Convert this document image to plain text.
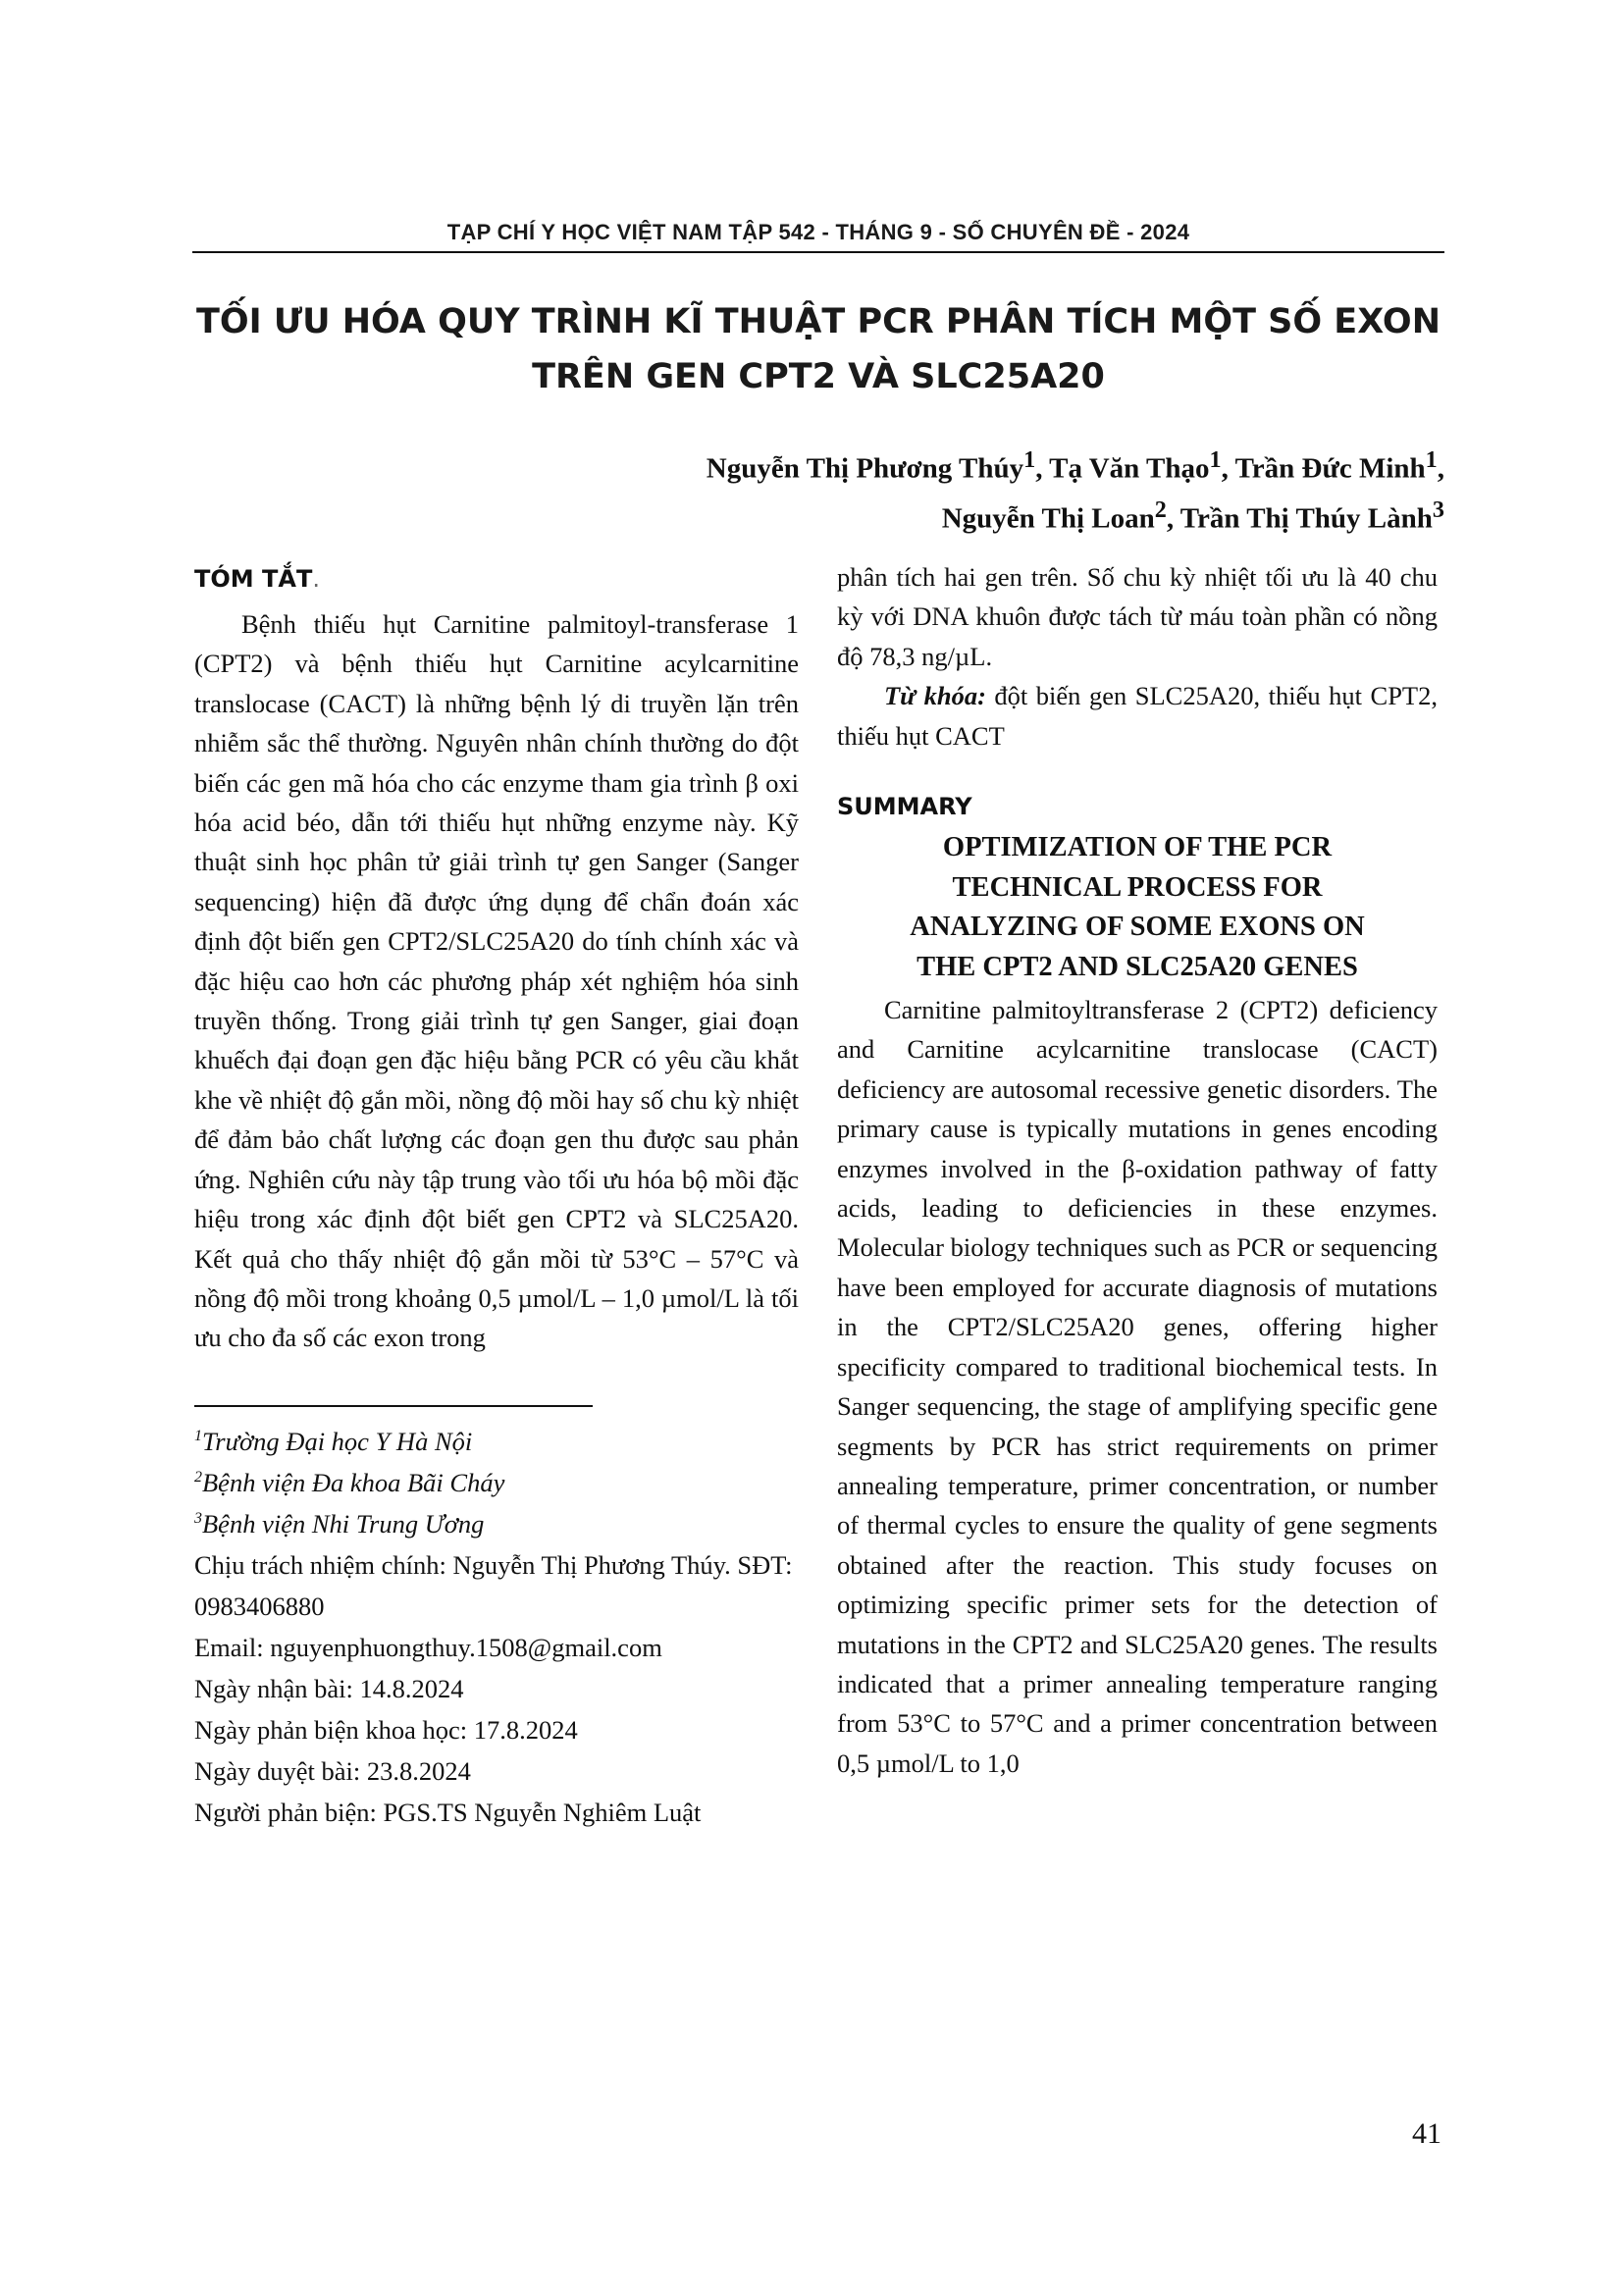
TẠP CHÍ Y HỌC VIỆT NAM TẬP 542 - THÁNG 9 - SỐ CHUYÊN ĐỀ - 2024
TỐI ƯU HÓA QUY TRÌNH KĨ THUẬT PCR PHÂN TÍCH MỘT SỐ EXON
TRÊN GEN CPT2 VÀ SLC25A20
Nguyễn Thị Phương Thúy$^1$, Tạ Văn Thạo$^1$, Trần Đức Minh$^1$,
Nguyễn Thị Loan$^2$, Trần Thị Thúy Lành$^3$
TÓM TẮT.

Bệnh thiếu hụt Carnitine palmitoyl-transferase 1 (CPT2) và bệnh thiếu hụt Carnitine acylcarnitine translocase (CACT) là những bệnh lý di truyền lặn trên nhiễm sắc thể thường. Nguyên nhân chính thường do đột biến các gen mã hóa cho các enzyme tham gia trình β oxi hóa acid béo, dẫn tới thiếu hụt những enzyme này. Kỹ thuật sinh học phân tử giải trình tự gen Sanger (Sanger sequencing) hiện đã được ứng dụng để chẩn đoán xác định đột biến gen CPT2/SLC25A20 do tính chính xác và đặc hiệu cao hơn các phương pháp xét nghiệm hóa sinh truyền thống. Trong giải trình tự gen Sanger, giai đoạn khuếch đại đoạn gen đặc hiệu bằng PCR có yêu cầu khắt khe về nhiệt độ gắn mồi, nồng độ mồi hay số chu kỳ nhiệt để đảm bảo chất lượng các đoạn gen thu được sau phản ứng. Nghiên cứu này tập trung vào tối ưu hóa bộ mồi đặc hiệu trong xác định đột biết gen CPT2 và SLC25A20. Kết quả cho thấy nhiệt độ gắn mồi từ 53°C – 57°C và nồng độ mồi trong khoảng 0,5 µmol/L – 1,0 µmol/L là tối ưu cho đa số các exon trong

$^1$Trường Đại học Y Hà Nội
$^2$Bệnh viện Đa khoa Bãi Cháy
$^3$Bệnh viện Nhi Trung Ương
Chịu trách nhiệm chính: Nguyễn Thị Phương Thúy. SĐT: 0983406880
Email: nguyenphuongthuy.1508@gmail.com
Ngày nhận bài: 14.8.2024
Ngày phản biện khoa học: 17.8.2024
Ngày duyệt bài: 23.8.2024
Người phản biện: PGS.TS Nguyễn Nghiêm Luật

phân tích hai gen trên. Số chu kỳ nhiệt tối ưu là 40 chu kỳ với DNA khuôn được tách từ máu toàn phần có nồng độ 78,3 ng/µL.

Từ khóa: đột biến gen SLC25A20, thiếu hụt CPT2, thiếu hụt CACT

SUMMARY
OPTIMIZATION OF THE PCR
TECHNICAL PROCESS FOR
ANALYZING OF SOME EXONS ON
THE CPT2 AND SLC25A20 GENES

Carnitine palmitoyltransferase 2 (CPT2) deficiency and Carnitine acylcarnitine translocase (CACT) deficiency are autosomal recessive genetic disorders. The primary cause is typically mutations in genes encoding enzymes involved in the β-oxidation pathway of fatty acids, leading to deficiencies in these enzymes. Molecular biology techniques such as PCR or sequencing have been employed for accurate diagnosis of mutations in the CPT2/SLC25A20 genes, offering higher specificity compared to traditional biochemical tests. In Sanger sequencing, the stage of amplifying specific gene segments by PCR has strict requirements on primer annealing temperature, primer concentration, or number of thermal cycles to ensure the quality of gene segments obtained after the reaction. This study focuses on optimizing specific primer sets for the detection of mutations in the CPT2 and SLC25A20 genes. The results indicated that a primer annealing temperature ranging from 53°C to 57°C and a primer concentration between 0,5 µmol/L to 1,0

41
